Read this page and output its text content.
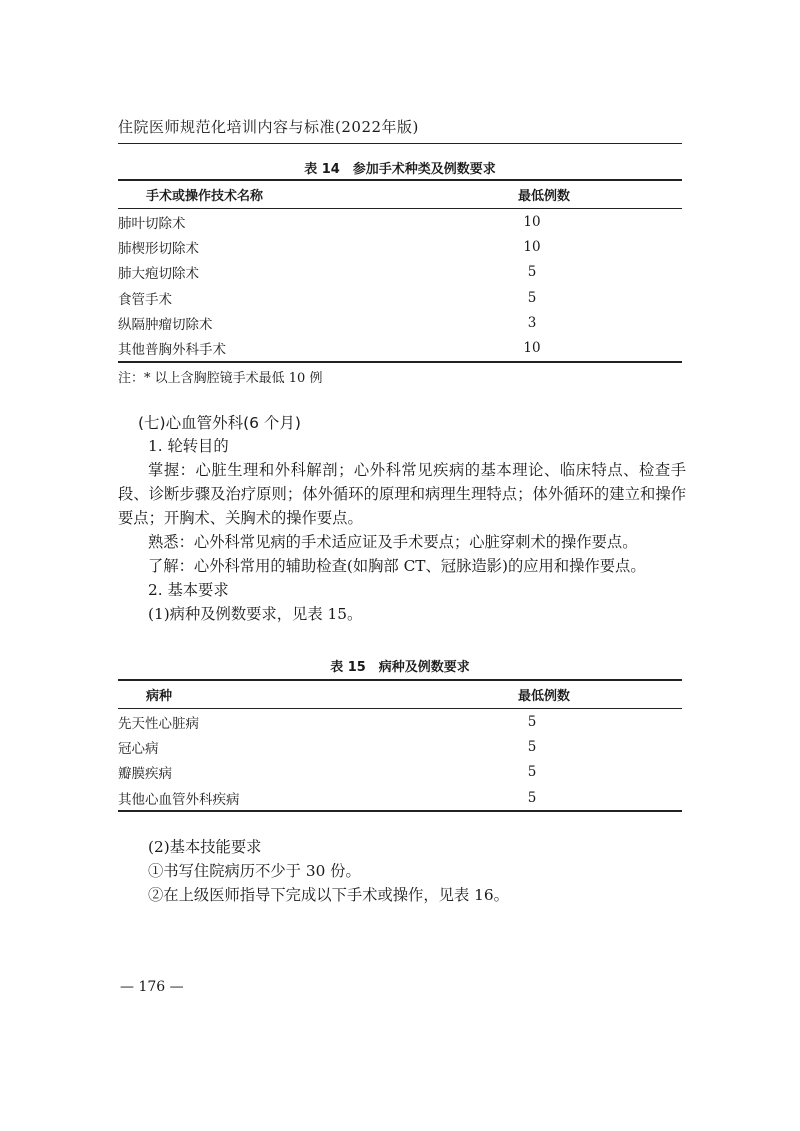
住院医师规范化培训内容与标准(2022年版)
表 14　参加手术种类及例数要求
手术或操作技术名称	最低例数
肺叶切除术	10
肺楔形切除术	10
肺大疱切除术	5
食管手术	5
纵隔肿瘤切除术	3
其他普胸外科手术	10
注：* 以上含胸腔镜手术最低 10 例
(七)心血管外科(6 个月)
1. 轮转目的
掌握：心脏生理和外科解剖；心外科常见疾病的基本理论、临床特点、检查手段、诊断步骤及治疗原则；体外循环的原理和病理生理特点；体外循环的建立和操作要点；开胸术、关胸术的操作要点。
熟悉：心外科常见病的手术适应证及手术要点；心脏穿刺术的操作要点。
了解：心外科常用的辅助检查(如胸部 CT、冠脉造影)的应用和操作要点。
2. 基本要求
(1)病种及例数要求，见表 15。
表 15　病种及例数要求
病种	最低例数
先天性心脏病	5
冠心病	5
瓣膜疾病	5
其他心血管外科疾病	5
(2)基本技能要求
①书写住院病历不少于 30 份。
②在上级医师指导下完成以下手术或操作，见表 16。
— 176 —
